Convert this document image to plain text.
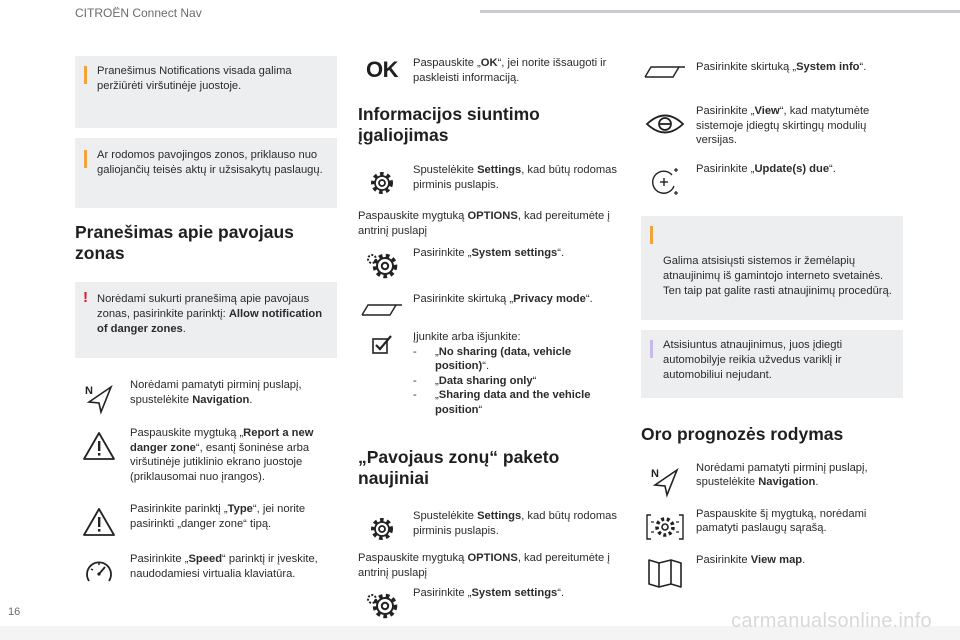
CITROËN Connect Nav
Pranešimus Notifications visada galima peržiūrėti viršutinėje juostoje.
Ar rodomos pavojingos zonos, priklauso nuo galiojančių teisės aktų ir užsisakytų paslaugų.
Pranešimas apie pavojaus zonas
! Norėdami sukurti pranešimą apie pavojaus zonas, pasirinkite parinktį: Allow notification of danger zones.
N	Norėdami pamatyti pirminį puslapį, spustelėkite Navigation.
Paspauskite mygtuką „Report a new danger zone“, esantį šoninėse arba viršutinėje jutiklinio ekrano juostoje (priklausomai nuo įrangos).
Pasirinkite parinktį „Type“, jei norite pasirinkti „danger zone“ tipą.
Pasirinkite „Speed“ parinktį ir įveskite, naudodamiesi virtualia klaviatūra.
OK Paspauskite „OK“, jei norite išsaugoti ir paskleisti informaciją.
Informacijos siuntimo įgaliojimas
Spustelėkite Settings, kad būtų rodomas pirminis puslapis.

Paspauskite mygtuką OPTIONS, kad pereitumėte į antrinį puslapį

Pasirinkite „System settings“.
Pasirinkite skirtuką „Privacy mode“.
Įjunkite arba išjunkite:
- „No sharing (data, vehicle position)“.
- „Data sharing only“
- „Sharing data and the vehicle position“
„Pavojaus zonų“ paketo naujiniai
Spustelėkite Settings, kad būtų rodomas pirminis puslapis.

Paspauskite mygtuką OPTIONS, kad pereitumėte į antrinį puslapį

Pasirinkite „System settings“.
Pasirinkite skirtuką „System info“.
Pasirinkite „View“, kad matytumėte sistemoje įdiegtų skirtingų modulių versijas.
Pasirinkite „Update(s) due“.

Galima atsisiųsti sistemos ir žemėlapių atnaujinimų iš gamintojo interneto svetainės.
Ten taip pat galite rasti atnaujinimų procedūrą.

Atsisiuntus atnaujinimus, juos įdiegti automobilyje reikia užvedus variklį ir automobiliui nejudant.
Oro prognozės rodymas
N	Norėdami pamatyti pirminį puslapį, spustelėkite Navigation.
Paspauskite šį mygtuką, norėdami pamatyti paslaugų sąrašą.
Pasirinkite View map.
16	carmanualsonline.info
